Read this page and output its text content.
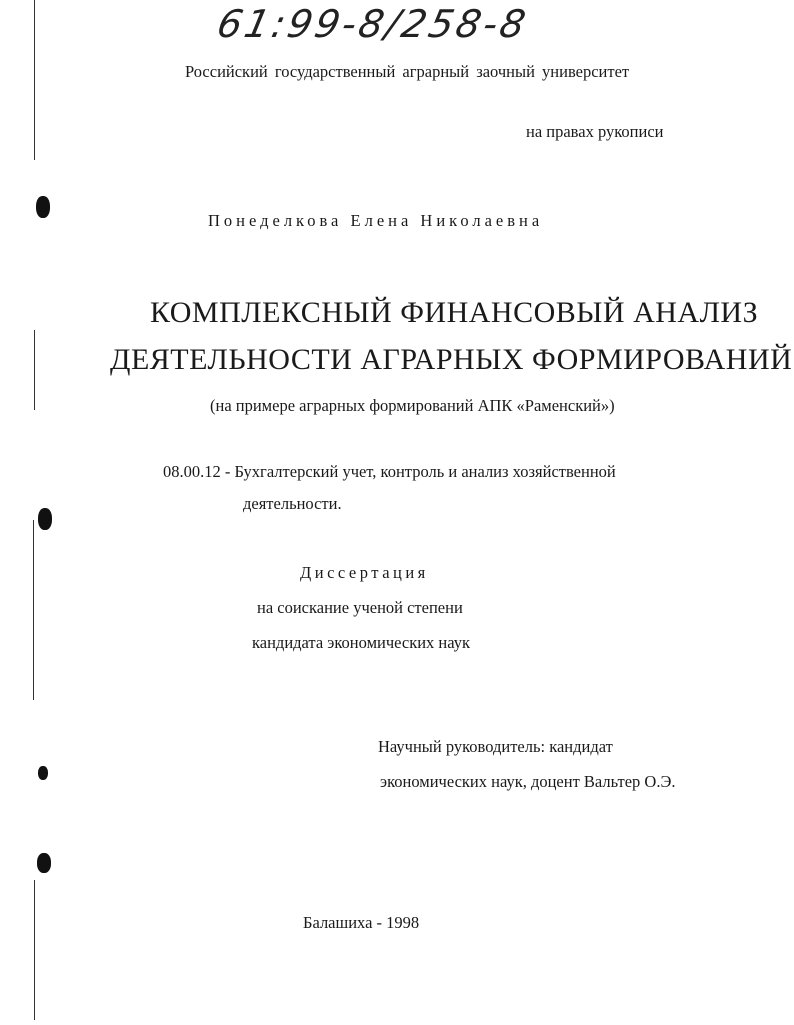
61:99-8/258-8
Российский государственный аграрный заочный университет
на правах рукописи
Понеделкова Елена Николаевна
КОМПЛЕКСНЫЙ ФИНАНСОВЫЙ АНАЛИЗ
ДЕЯТЕЛЬНОСТИ АГРАРНЫХ ФОРМИРОВАНИЙ
(на примере аграрных формирований АПК «Раменский»)
08.00.12 - Бухгалтерский учет, контроль и анализ хозяйственной
деятельности.
Диссертация
на соискание ученой степени
кандидата экономических наук
Научный руководитель: кандидат
экономических наук, доцент Вальтер О.Э.
Балашиха - 1998
